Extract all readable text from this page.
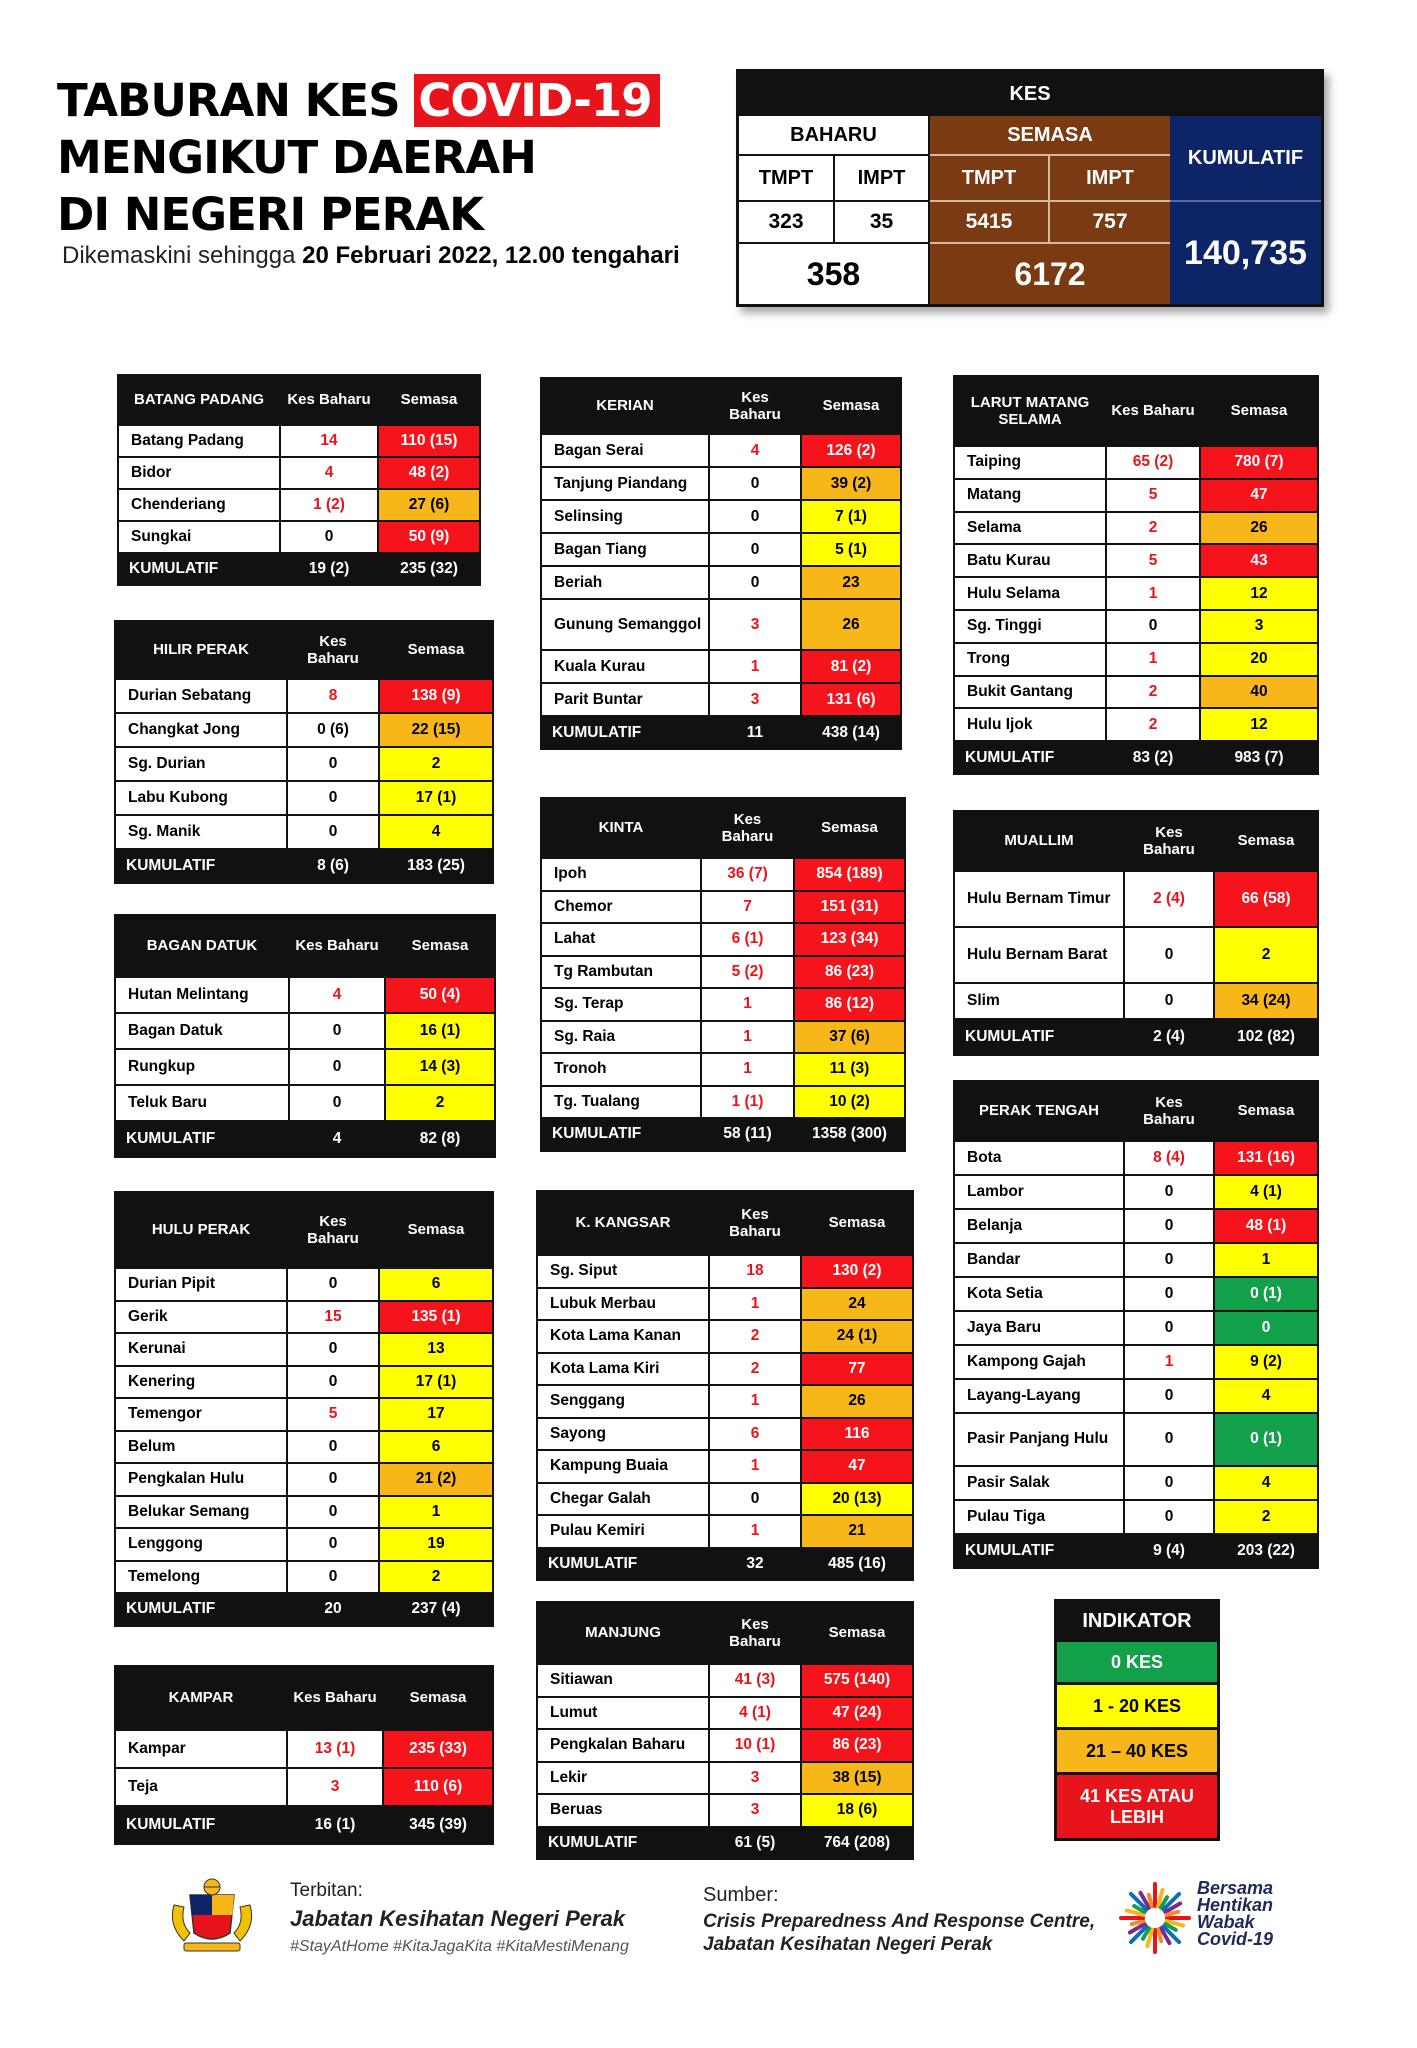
TABURAN KES COVID-19
MENGIKUT DAERAH
DI NEGERI PERAK
Dikemaskini sehingga 20 Februari 2022, 12.00 tengahari
KES
BAHARU	SEMASA
KUMULATIF
TMPT	IMPT	TMPT	IMPT
323	35	5415	757
358	6172
140,735
BATANG PADANG	Kes Baharu	Semasa
Batang Padang	14	110 (15)
Bidor	4	48 (2)
Chenderiang	1 (2)	27 (6)
Sungkai	0	50 (9)
KUMULATIF	19 (2)	235 (32)
HILIR PERAK	Kes Baharu	Semasa
Durian Sebatang	8	138 (9)
Changkat Jong	0 (6)	22 (15)
Sg. Durian	0	2
Labu Kubong	0	17 (1)
Sg. Manik	0	4
KUMULATIF	8 (6)	183 (25)
BAGAN DATUK	Kes Baharu	Semasa
Hutan Melintang	4	50 (4)
Bagan Datuk	0	16 (1)
Rungkup	0	14 (3)
Teluk Baru	0	2
KUMULATIF	4	82 (8)
HULU PERAK	Kes Baharu	Semasa
Durian Pipit	0	6
Gerik	15	135 (1)
Kerunai	0	13
Kenering	0	17 (1)
Temengor	5	17
Belum	0	6
Pengkalan Hulu	0	21 (2)
Belukar Semang	0	1
Lenggong	0	19
Temelong	0	2
KUMULATIF	20	237 (4)
KAMPAR	Kes Baharu	Semasa
Kampar	13 (1)	235 (33)
Teja	3	110 (6)
KUMULATIF	16 (1)	345 (39)
KERIAN	Kes Baharu	Semasa
Bagan Serai	4	126 (2)
Tanjung Piandang	0	39 (2)
Selinsing	0	7 (1)
Bagan Tiang	0	5 (1)
Beriah	0	23
Gunung Semanggol	3	26
Kuala Kurau	1	81 (2)
Parit Buntar	3	131 (6)
KUMULATIF	11	438 (14)
KINTA	Kes Baharu	Semasa
Ipoh	36 (7)	854 (189)
Chemor	7	151 (31)
Lahat	6 (1)	123 (34)
Tg Rambutan	5 (2)	86 (23)
Sg. Terap	1	86 (12)
Sg. Raia	1	37 (6)
Tronoh	1	11 (3)
Tg. Tualang	1 (1)	10 (2)
KUMULATIF	58 (11)	1358 (300)
K. KANGSAR	Kes Baharu	Semasa
Sg. Siput	18	130 (2)
Lubuk Merbau	1	24
Kota Lama Kanan	2	24 (1)
Kota Lama Kiri	2	77
Senggang	1	26
Sayong	6	116
Kampung Buaia	1	47
Chegar Galah	0	20 (13)
Pulau Kemiri	1	21
KUMULATIF	32	485 (16)
MANJUNG	Kes Baharu	Semasa
Sitiawan	41 (3)	575 (140)
Lumut	4 (1)	47 (24)
Pengkalan Baharu	10 (1)	86 (23)
Lekir	3	38 (15)
Beruas	3	18 (6)
KUMULATIF	61 (5)	764 (208)
LARUT MATANG SELAMA	Kes Baharu	Semasa
Taiping	65 (2)	780 (7)
Matang	5	47
Selama	2	26
Batu Kurau	5	43
Hulu Selama	1	12
Sg. Tinggi	0	3
Trong	1	20
Bukit Gantang	2	40
Hulu Ijok	2	12
KUMULATIF	83 (2)	983 (7)
MUALLIM	Kes Baharu	Semasa
Hulu Bernam Timur	2 (4)	66 (58)
Hulu Bernam Barat	0	2
Slim	0	34 (24)
KUMULATIF	2 (4)	102 (82)
PERAK TENGAH	Kes Baharu	Semasa
Bota	8 (4)	131 (16)
Lambor	0	4 (1)
Belanja	0	48 (1)
Bandar	0	1
Kota Setia	0	0 (1)
Jaya Baru	0	0
Kampong Gajah	1	9 (2)
Layang-Layang	0	4
Pasir Panjang Hulu	0	0 (1)
Pasir Salak	0	4
Pulau Tiga	0	2
KUMULATIF	9 (4)	203 (22)
INDIKATOR
0 KES
1 - 20 KES
21 – 40 KES
41 KES ATAU LEBIH
Terbitan:
Jabatan Kesihatan Negeri Perak
#StayAtHome #KitaJagaKita #KitaMestiMenang
Sumber:
Crisis Preparedness And Response Centre,
Jabatan Kesihatan Negeri Perak
Bersama
Hentikan
Wabak
Covid-19
